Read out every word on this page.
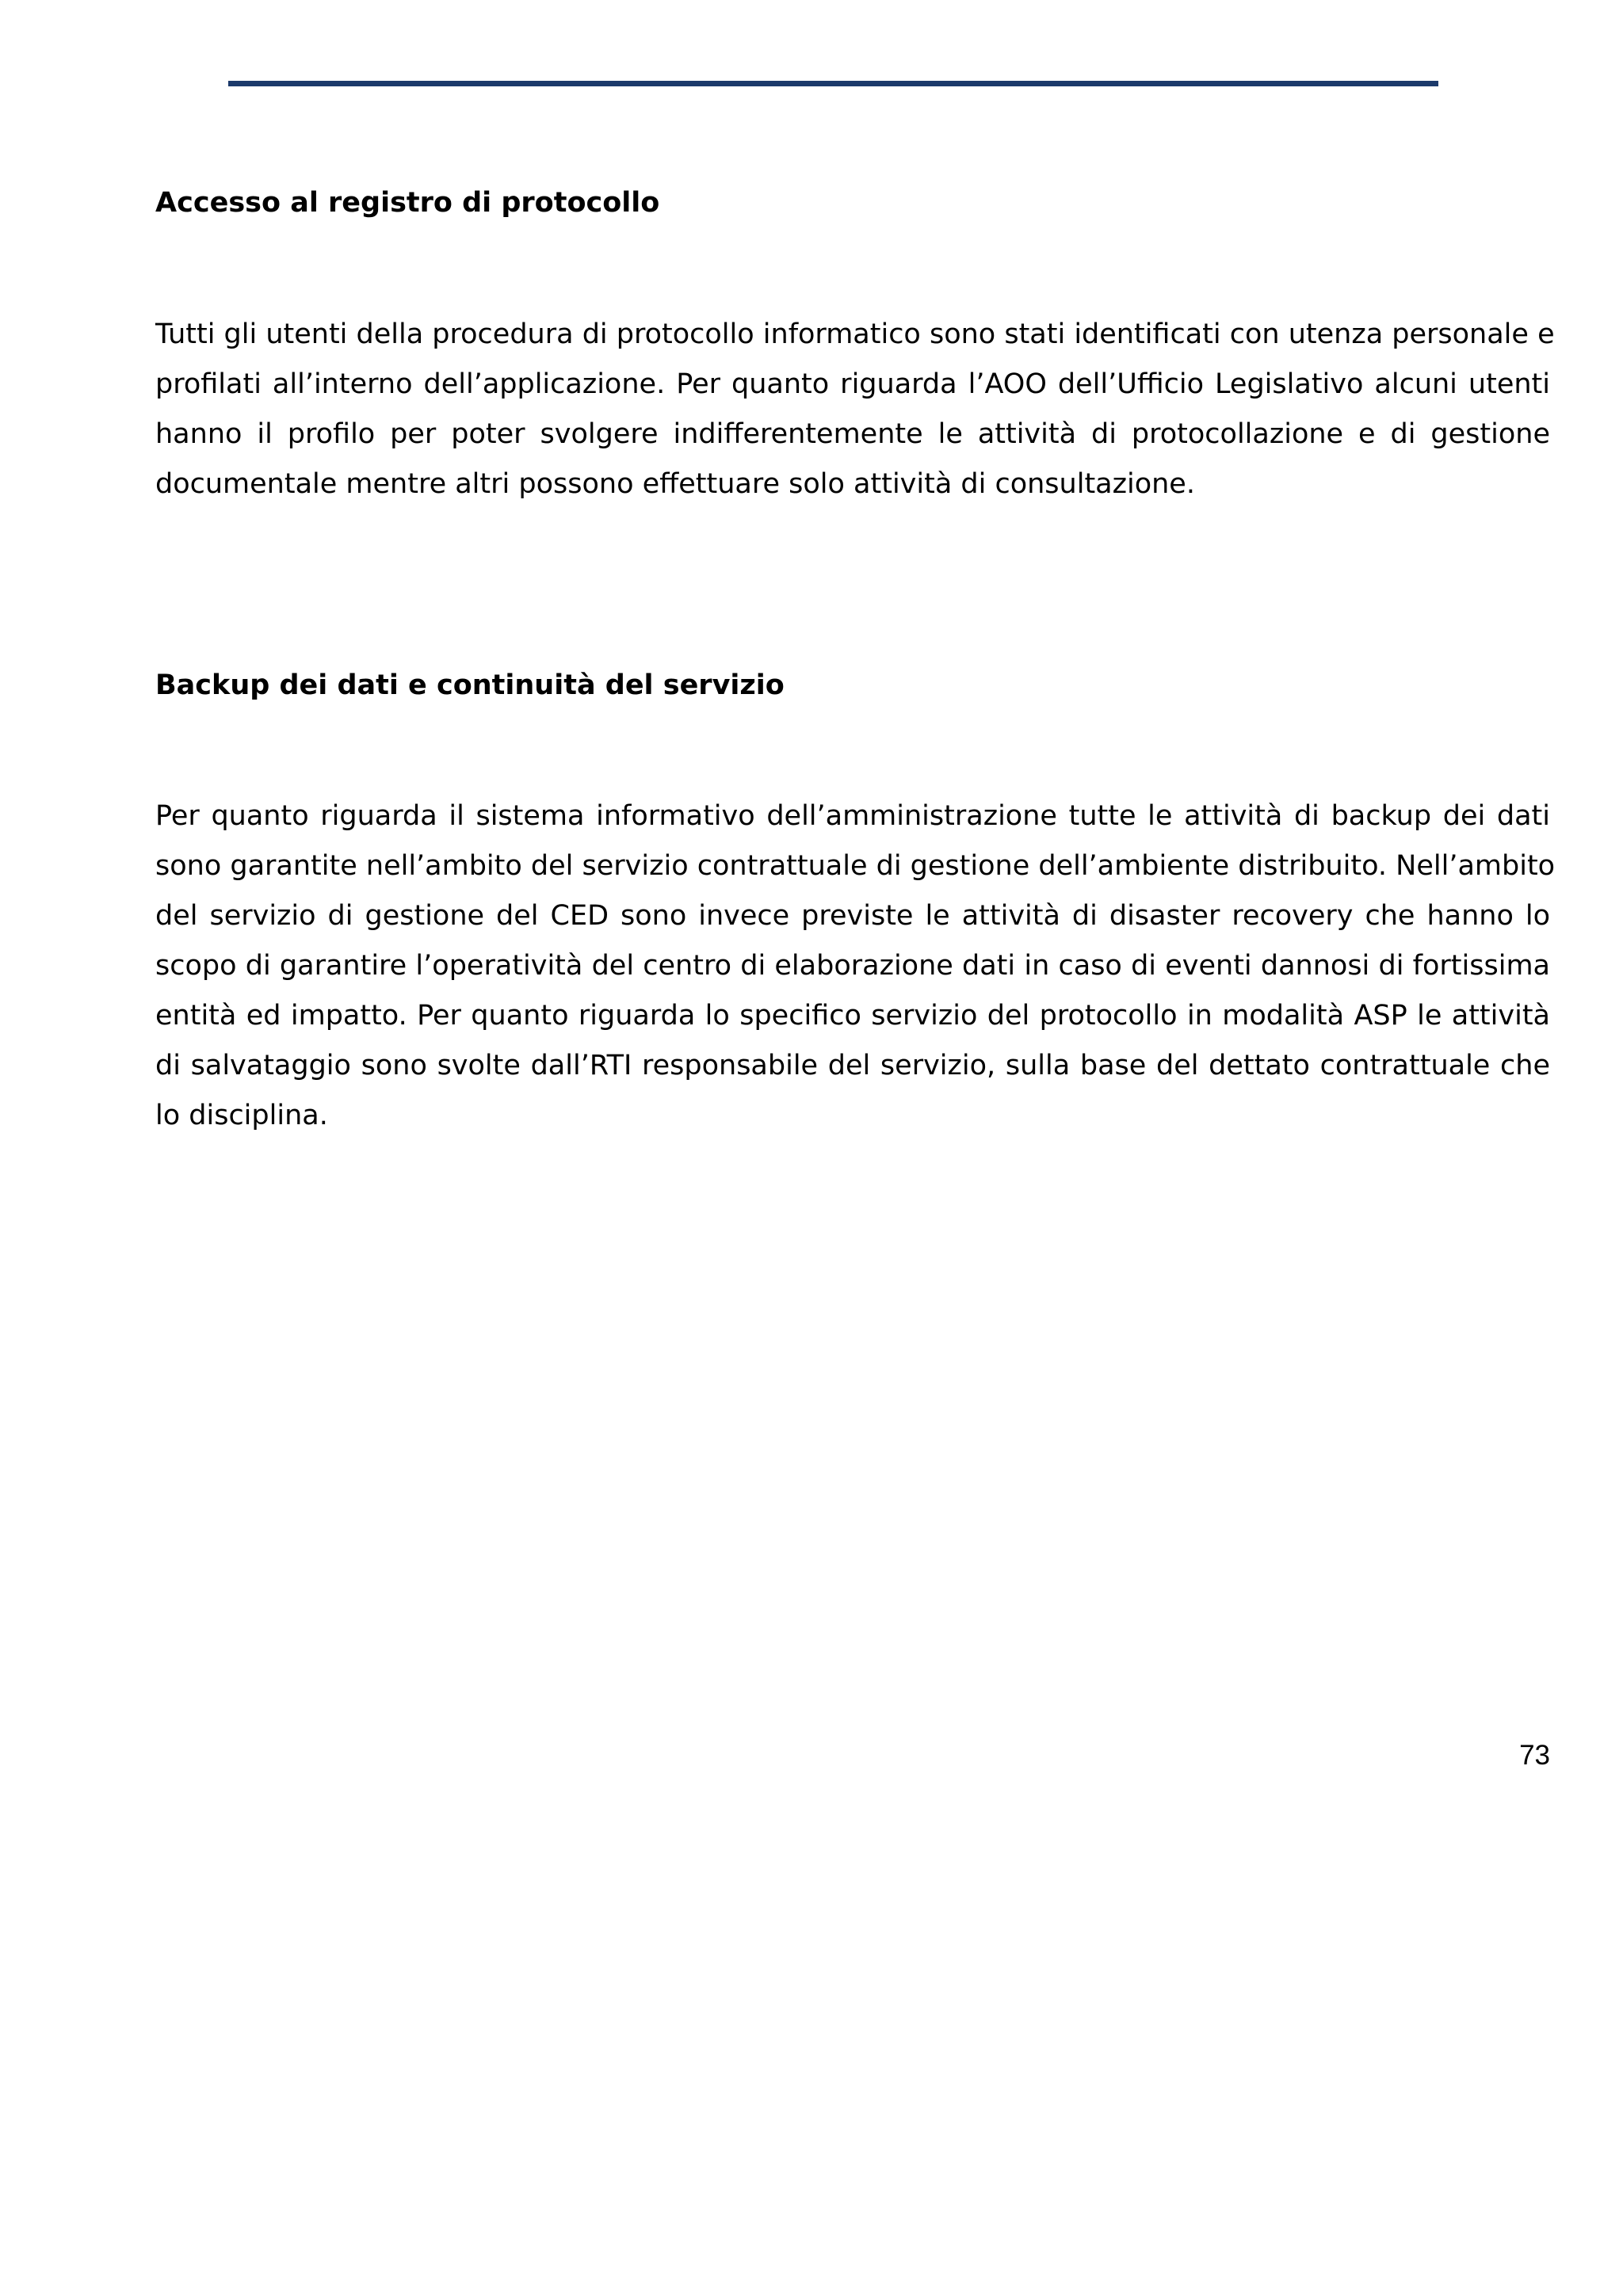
Accesso al registro di protocollo
Tutti gli utenti della procedura di protocollo informatico sono stati identificati con utenza personale e
profilati all’interno dell’applicazione. Per quanto riguarda l’AOO dell’Ufficio Legislativo alcuni utenti
hanno il profilo per poter svolgere indifferentemente le attività di protocollazione e di gestione
documentale mentre altri possono effettuare solo attività di consultazione.
Backup dei dati e continuità del servizio
Per quanto riguarda il sistema informativo dell’amministrazione tutte le attività di backup dei dati
sono garantite nell’ambito del servizio contrattuale di gestione dell’ambiente distribuito. Nell’ambito
del servizio di gestione del CED sono invece previste le attività di disaster recovery che hanno lo
scopo di garantire l’operatività del centro di elaborazione dati in caso di eventi dannosi di fortissima
entità ed impatto. Per quanto riguarda lo specifico servizio del protocollo in modalità ASP le attività
di salvataggio sono svolte dall’RTI responsabile del servizio, sulla base del dettato contrattuale che
lo disciplina.
73
